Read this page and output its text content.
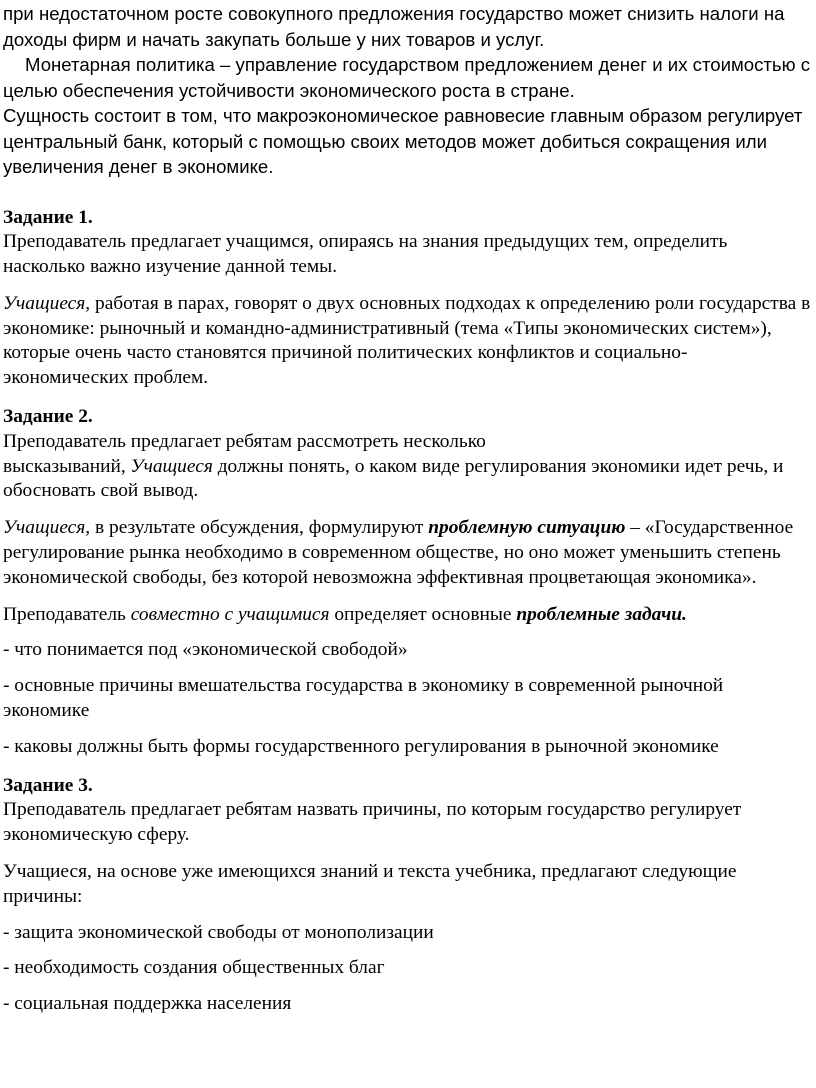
при недостаточном росте совокупного предложения государство может снизить налоги на доходы фирм и начать закупать больше у них товаров и услуг.

Монетарная политика – управление государством предложением денег и их стоимостью с целью обеспечения устойчивости экономического роста в стране.

Сущность состоит в том, что макроэкономическое равновесие главным образом регулирует центральный банк, который с помощью своих методов может добиться сокращения или увеличения денег в экономике.

Задание 1.

Преподаватель предлагает учащимся, опираясь на знания предыдущих тем, определить насколько важно изучение данной темы.

Учащиеся, работая в парах, говорят о двух основных подходах к определению роли государства в экономике: рыночный и командно-административный (тема «Типы экономических систем»), которые очень часто становятся причиной политических конфликтов и социально-экономических проблем.

Задание 2.

Преподаватель предлагает ребятам рассмотреть несколько

высказываний, Учащиеся должны понять, о каком виде регулирования экономики идет речь, и обосновать свой вывод.

Учащиеся, в результате обсуждения, формулируют проблемную ситуацию – «Государственное регулирование рынка необходимо в современном обществе, но оно может уменьшить степень экономической свободы, без которой невозможна эффективная процветающая экономика».

Преподаватель совместно с учащимися определяет основные проблемные задачи.

- что понимается под «экономической свободой»

- основные причины вмешательства государства в экономику в современной рыночной экономике

- каковы должны быть формы государственного регулирования в рыночной экономике

Задание 3.

Преподаватель предлагает ребятам назвать причины, по которым государство регулирует экономическую сферу.

Учащиеся, на основе уже имеющихся знаний и текста учебника, предлагают следующие причины:

- защита экономической свободы от монополизации

- необходимость создания общественных благ

- социальная поддержка населения
